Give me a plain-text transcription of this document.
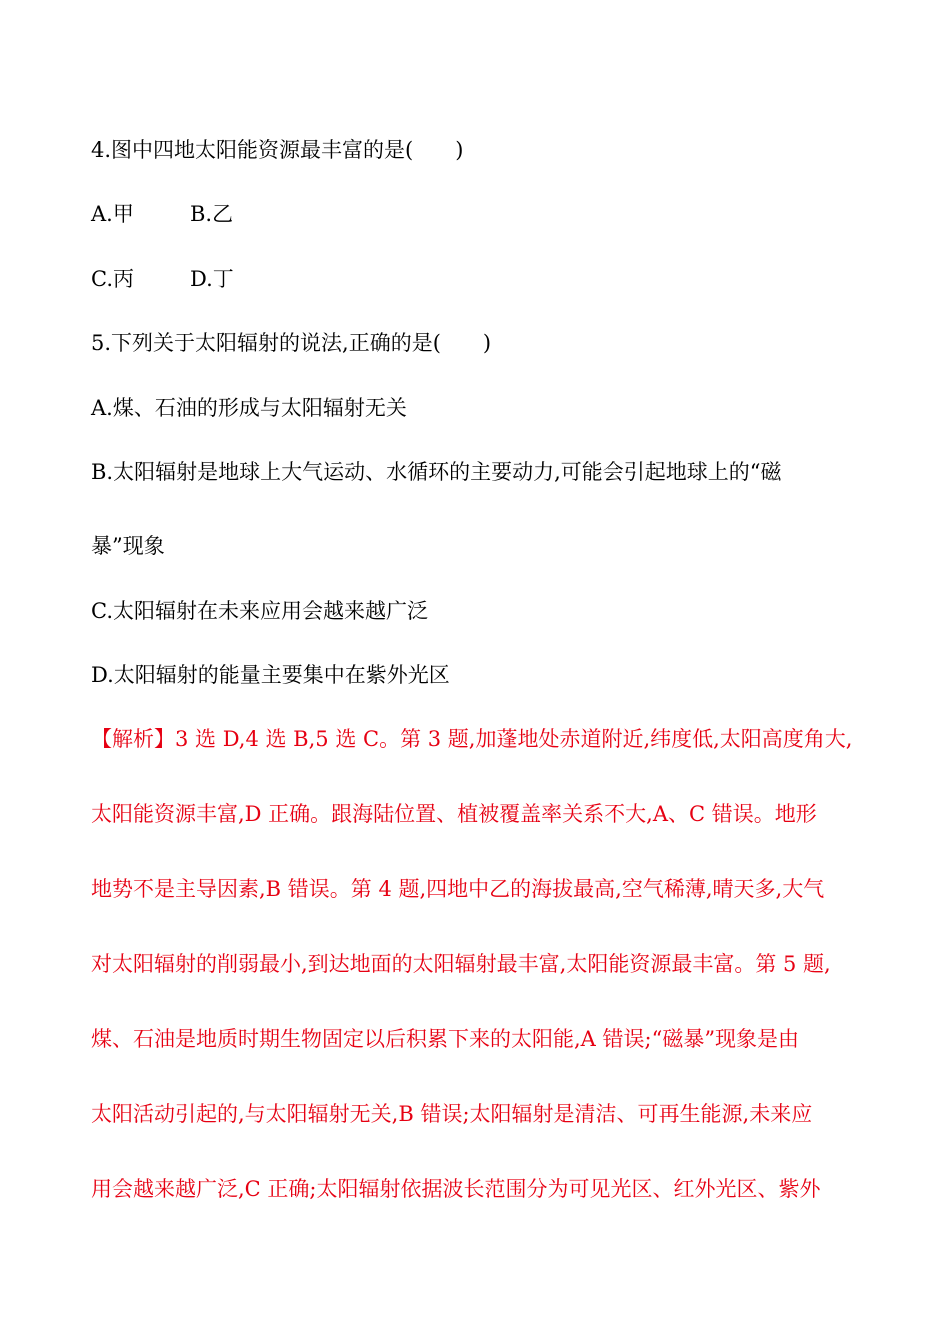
4.图中四地太阳能资源最丰富的是(　　)
A.甲	B.乙
C.丙	D.丁
5.下列关于太阳辐射的说法,正确的是(　　)
A.煤、石油的形成与太阳辐射无关
B.太阳辐射是地球上大气运动、水循环的主要动力,可能会引起地球上的“磁
暴”现象
C.太阳辐射在未来应用会越来越广泛
D.太阳辐射的能量主要集中在紫外光区
【解析】3 选 D,4 选 B,5 选 C。第 3 题,加蓬地处赤道附近,纬度低,太阳高度角大,
太阳能资源丰富,D 正确。跟海陆位置、植被覆盖率关系不大,A、C 错误。地形
地势不是主导因素,B 错误。第 4 题,四地中乙的海拔最高,空气稀薄,晴天多,大气
对太阳辐射的削弱最小,到达地面的太阳辐射最丰富,太阳能资源最丰富。第 5 题,
煤、石油是地质时期生物固定以后积累下来的太阳能,A 错误;“磁暴”现象是由
太阳活动引起的,与太阳辐射无关,B 错误;太阳辐射是清洁、可再生能源,未来应
用会越来越广泛,C 正确;太阳辐射依据波长范围分为可见光区、红外光区、紫外
